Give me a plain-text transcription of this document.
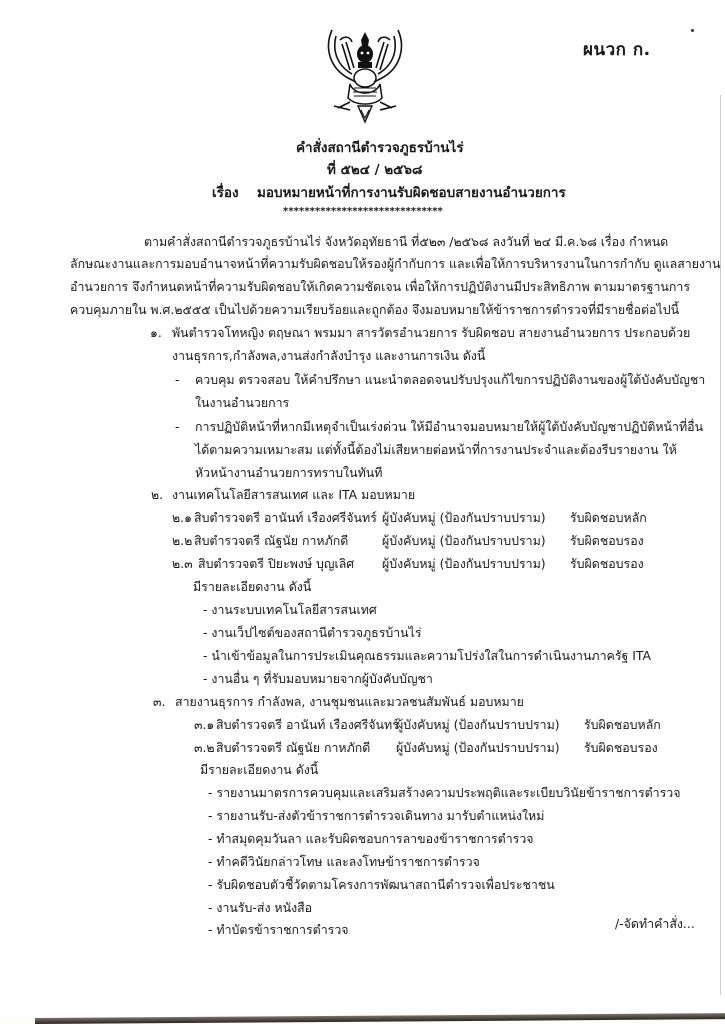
ผนวก ก.
คำสั่งสถานีตำรวจภูธรบ้านไร่
ที่ ๕๒๔ / ๒๕๖๘
เรื่อง มอบหมายหน้าที่การงานรับผิดชอบสายงานอำนวยการ
******************************
ตามคำสั่งสถานีตำรวจภูธรบ้านไร่ จังหวัดอุทัยธานี ที่๕๒๓ /๒๕๖๘ ลงวันที่ ๒๔ มี.ค.๖๘ เรื่อง กำหนด
ลักษณะงานและการมอบอำนาจหน้าที่ความรับผิดชอบให้รองผู้กำกับการ และเพื่อให้การบริหารงานในการกำกับ ดูแลสายงาน
อำนวยการ จึงกำหนดหน้าที่ความรับผิดชอบให้เกิดความชัดเจน เพื่อให้การปฏิบัติงานมีประสิทธิภาพ ตามมาตรฐานการ
ควบคุมภายใน พ.ศ.๒๕๕๕ เป็นไปด้วยความเรียบร้อยและถูกต้อง จึงมอบหมายให้ข้าราชการตำรวจที่มีรายชื่อต่อไปนี้
๑. พันตำรวจโทหญิง ตฤษณา พรมมา สารวัตรอำนวยการ รับผิดชอบ สายงานอำนวยการ ประกอบด้วย
งานธุรการ,กำลังพล,งานส่งกำลังบำรุง และงานการเงิน ดังนี้
- ควบคุม ตรวจสอบ ให้คำปรึกษา แนะนำตลอดจนปรับปรุงแก้ไขการปฏิบัติงานของผู้ใต้บังคับบัญชา
ในงานอำนวยการ
- การปฏิบัติหน้าที่หากมีเหตุจำเป็นเร่งด่วน ให้มีอำนาจมอบหมายให้ผู้ใต้บังคับบัญชาปฏิบัติหน้าที่อื่น
ได้ตามความเหมาะสม แต่ทั้งนี้ต้องไม่เสียหายต่อหน้าที่การงานประจำและต้องรีบรายงาน ให้
หัวหน้างานอำนวยการทราบในทันที
๒. งานเทคโนโลยีสารสนเทศ และ ITA มอบหมาย
๒.๑ สิบตำรวจตรี อานันท์ เรืองศรีจันทร์ ผู้บังคับหมู่ (ป้องกันปราบปราม) รับผิดชอบหลัก
๒.๒ สิบตำรวจตรี ณัฐนัย กาหภักดี	ผู้บังคับหมู่ (ป้องกันปราบปราม) รับผิดชอบรอง
๒.๓ สิบตำรวจตรี ปิยะพงษ์ บุญเลิศ ผู้บังคับหมู่ (ป้องกันปราบปราม) รับผิดชอบรอง
มีรายละเอียดงาน ดังนี้
- งานระบบเทคโนโลยีสารสนเทศ
- งานเว็ปไซต์ของสถานีตำรวจภูธรบ้านไร่
- นำเข้าข้อมูลในการประเมินคุณธรรมและความโปร่งใสในการดำเนินงานภาครัฐ ITA
- งานอื่น ๆ ที่รับมอบหมายจากผู้บังคับบัญชา
๓. สายงานธุรการ กำลังพล, งานชุมชนและมวลชนสัมพันธ์ มอบหมาย
๓.๑ สิบตำรวจตรี อานันท์ เรืองศรีจันทร์
ผู้บังคับหมู่ (ป้องกันปราบปราม) รับผิดชอบหลัก
๓.๒ สิบตำรวจตรี ณัฐนัย กาหภักดี ผู้บังคับหมู่ (ป้องกันปราบปราม) รับผิดชอบรอง
มีรายละเอียดงาน ดังนี้
- รายงานมาตรการควบคุมและเสริมสร้างความประพฤติและระเบียบวินัยข้าราชการตำรวจ
- รายงานรับ-ส่งตัวข้าราชการตำรวจเดินทาง มารับตำแหน่งใหม่
- ทำสมุดคุมวันลา และรับผิดชอบการลาของข้าราชการตำรวจ
- ทำคดีวินัยกล่าวโทษ และลงโทษข้าราชการตำรวจ
- รับผิดชอบตัวชี้วัดตามโครงการพัฒนาสถานีตำรวจเพื่อประชาชน
- งานรับ-ส่ง หนังสือ
- ทำบัตรข้าราชการตำรวจ	/-จัดทำคำสั่ง...
